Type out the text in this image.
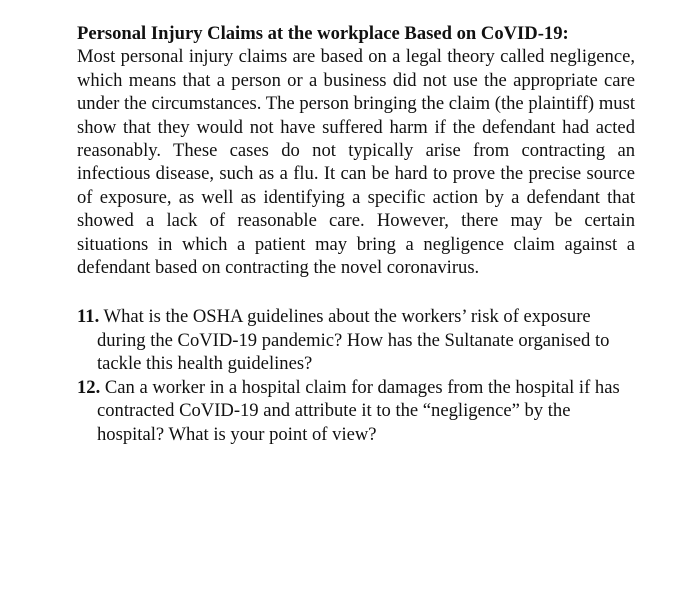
Personal Injury Claims at the workplace Based on CoVID-19:
Most personal injury claims are based on a legal theory called negligence, which means that a person or a business did not use the appropriate care under the circumstances. The person bringing the claim (the plaintiff) must show that they would not have suffered harm if the defendant had acted reasonably. These cases do not typically arise from contracting an infectious disease, such as a flu. It can be hard to prove the precise source of exposure, as well as identifying a specific action by a defendant that showed a lack of reasonable care. However, there may be certain situations in which a patient may bring a negligence claim against a defendant based on contracting the novel coronavirus.

11. What is the OSHA guidelines about the workers’ risk of exposure during the CoVID-19 pandemic? How has the Sultanate organised to tackle this health guidelines?
12. Can a worker in a hospital claim for damages from the hospital if has contracted CoVID-19 and attribute it to the “negligence” by the hospital? What is your point of view?
